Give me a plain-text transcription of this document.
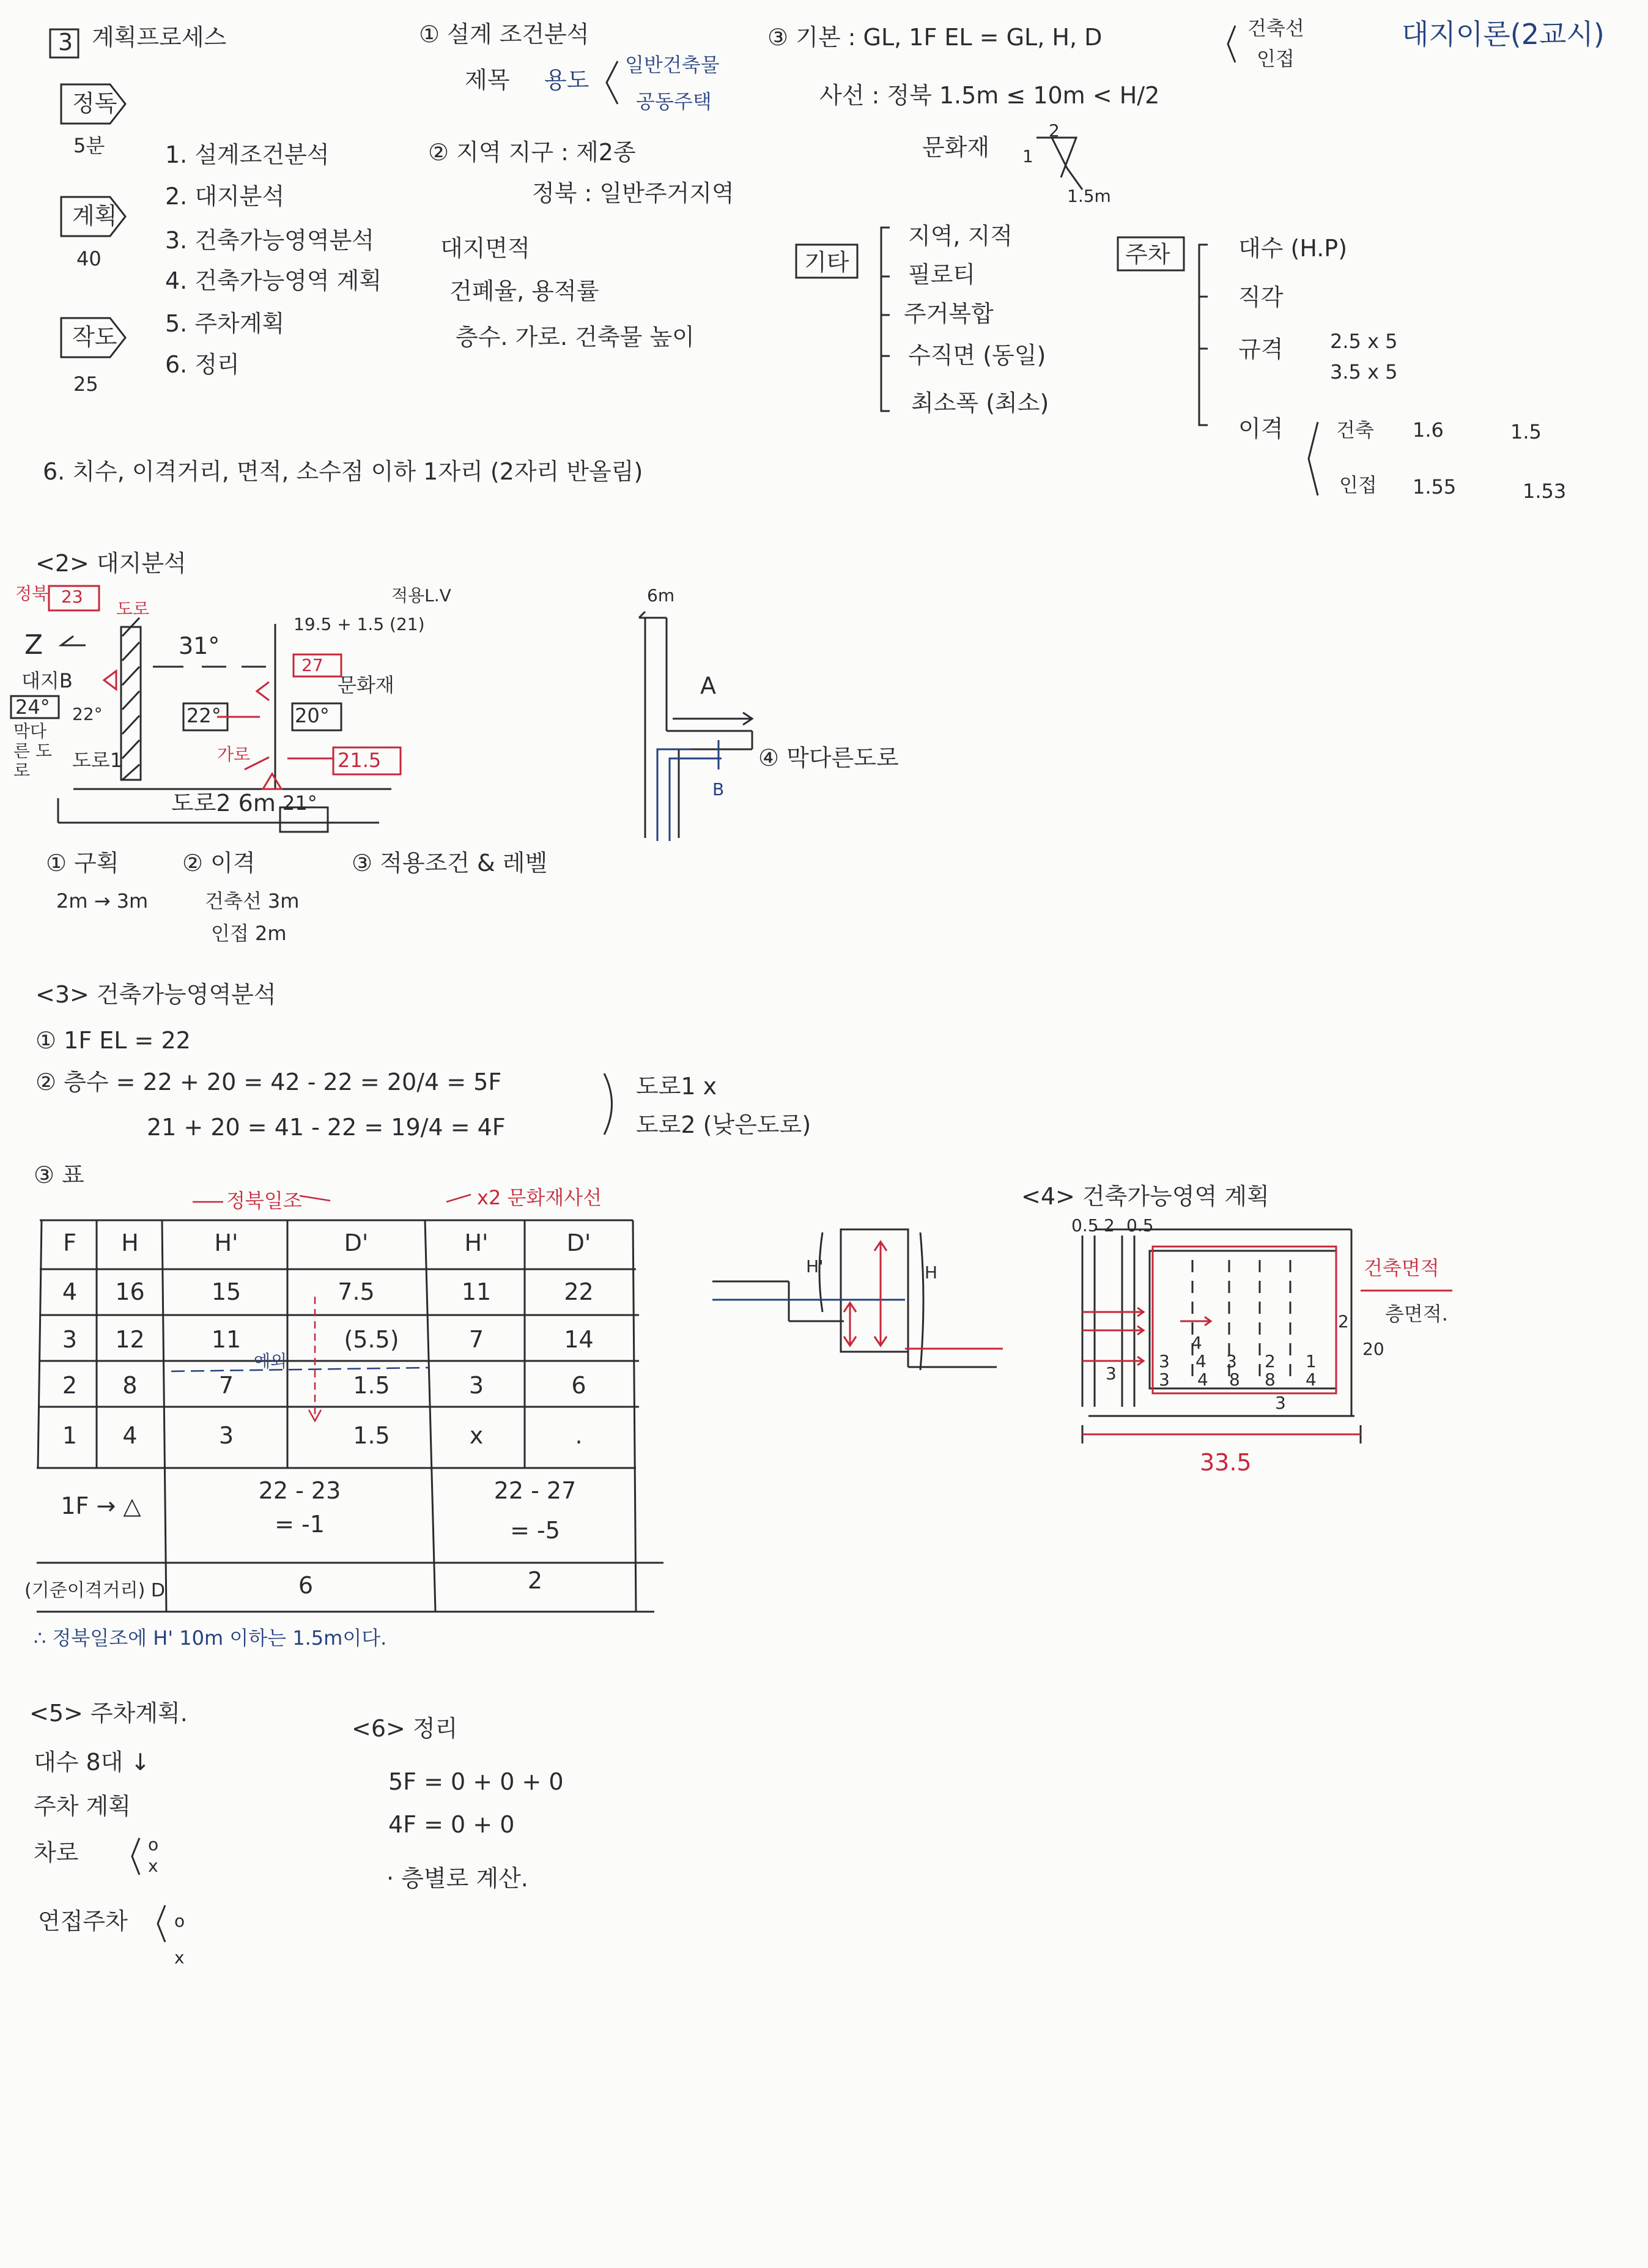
3 계획프로세스	대지이론(2교시)
정독
5분
계획
40
작도
25
1. 설계조건분석
2. 대지분석
3. 건축가능영역분석
4. 건축가능영역 계획
5. 주차계획
6. 정리
6. 치수, 이격거리, 면적, 소수점 이하 1자리 (2자리 반올림)
① 설계 조건분석
제목 용도
일반건축물
공동주택
② 지역 지구 : 제2종
정북 : 일반주거지역
대지면적
건폐율, 용적률
층수. 가로. 건축물 높이
③ 기본 : GL, 1F EL = GL, H, D	건축선
인접
사선 : 정북 1.5m ≤ 10m < H/2
문화재
2
1
1.5m
기타
지역, 지적
필로티
주거복합
수직면 (동일)
최소폭 (최소)
주차	대수 (H.P)
직각
규격
이격
2.5 x 5
3.5 x 5
건축
인접
1.6	1.5
1.55	1.53
<2> 대지분석
정북 23
도로
Z
대지B
24°
막다른 도로	도로1
22°
31°
22°
문화재
20°
27
적용L.V
19.5 + 1.5 (21)
가로	21.5
도로2 6m 21°
6m
A
B
④ 막다른도로
① 구획
2m → 3m
② 이격
건축선 3m
인접 2m
③ 적용조건 & 레벨
<3> 건축가능영역분석
① 1F EL = 22
② 층수 = 22 + 20 = 42 - 22 = 20/4 = 5F
21 + 20 = 41 - 22 = 19/4 = 4F
도로1 x
도로2 (낮은도로)
③ 표
정북일조	x2 문화재사선
F	H	H'	D'	H'	D'
4	16	15	7.5	11	22
3	12	11	(5.5)	7	14
예외
2	8	7	1.5	3	6
1	4	3	1.5	x	.
1F → △
22 - 23
= -1
22 - 27
= -5
(기준이격거리) D	6	2
∴ 정북일조에 H' 10m 이하는 1.5m이다.
H'	H
<4> 건축가능영역 계획
0.5 2 0.5
건축면적
층면적.
2
20
33.5
3
3
4
4 3
8
2
8
1
4
4
3
3
<5> 주차계획.
대수 8대 ↓
주차 계획
차로
연접주차
o
x
o
x
<6> 정리
5F = 0 + 0 + 0
4F = 0 + 0
· 층별로 계산.
